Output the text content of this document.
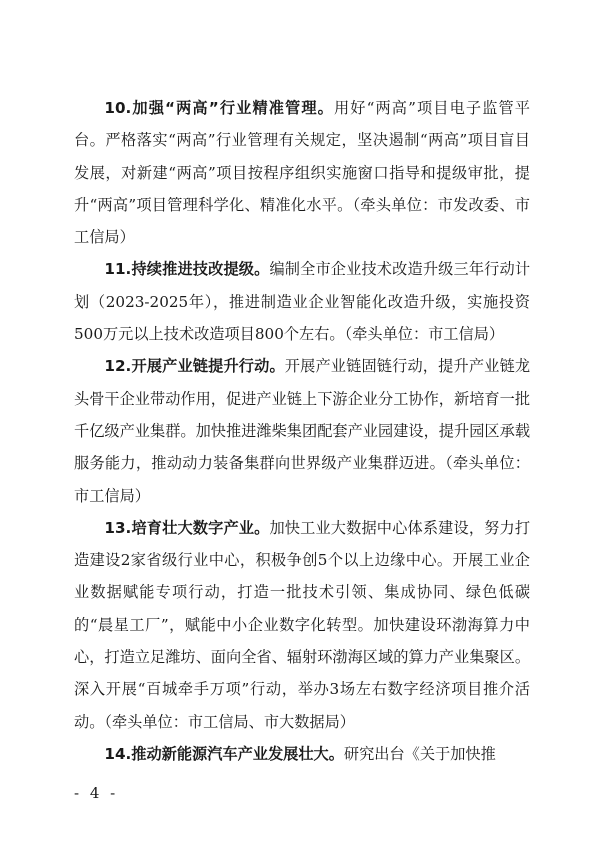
10.加强“两高”行业精准管理。用好“两高”项目电子监管平台。严格落实“两高”行业管理有关规定，坚决遏制“两高”项目盲目发展，对新建“两高”项目按程序组织实施窗口指导和提级审批，提升“两高”项目管理科学化、精准化水平。（牵头单位：市发改委、市工信局）

11.持续推进技改提级。编制全市企业技术改造升级三年行动计划（2023-2025年），推进制造业企业智能化改造升级，实施投资500万元以上技术改造项目800个左右。（牵头单位：市工信局）

12.开展产业链提升行动。开展产业链固链行动，提升产业链龙头骨干企业带动作用，促进产业链上下游企业分工协作，新培育一批千亿级产业集群。加快推进潍柴集团配套产业园建设，提升园区承载服务能力，推动动力装备集群向世界级产业集群迈进。（牵头单位：市工信局）

13.培育壮大数字产业。加快工业大数据中心体系建设，努力打造建设2家省级行业中心，积极争创5个以上边缘中心。开展工业企业数据赋能专项行动，打造一批技术引领、集成协同、绿色低碳的“晨星工厂”，赋能中小企业数字化转型。加快建设环渤海算力中心，打造立足潍坊、面向全省、辐射环渤海区域的算力产业集聚区。深入开展“百城牵手万项”行动，举办3场左右数字经济项目推介活动。（牵头单位：市工信局、市大数据局）

14.推动新能源汽车产业发展壮大。研究出台《关于加快推

- 4 -
